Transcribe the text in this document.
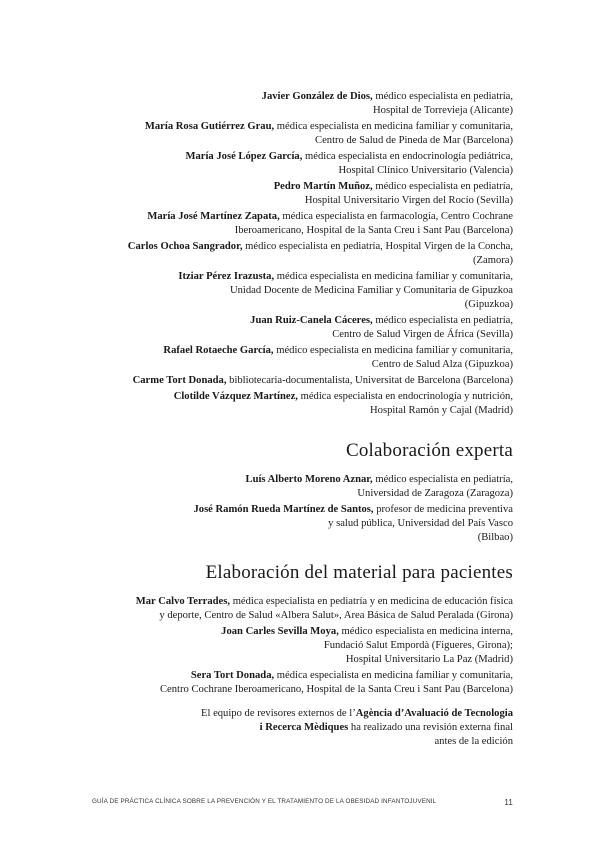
Javier González de Dios, médico especialista en pediatría,
Hospital de Torrevieja (Alicante)
María Rosa Gutiérrez Grau, médica especialista en medicina familiar y comunitaria,
Centro de Salud de Pineda de Mar (Barcelona)
María José López García, médica especialista en endocrinología pediátrica,
Hospital Clínico Universitario (Valencia)
Pedro Martín Muñoz, médico especialista en pediatría,
Hospital Universitario Virgen del Rocío (Sevilla)
María José Martínez Zapata, médica especialista en farmacología, Centro Cochrane
Iberoamericano, Hospital de la Santa Creu i Sant Pau (Barcelona)
Carlos Ochoa Sangrador, médico especialista en pediatría, Hospital Virgen de la Concha,
(Zamora)
Itziar Pérez Irazusta, médica especialista en medicina familiar y comunitaria,
Unidad Docente de Medicina Familiar y Comunitaria de Gipuzkoa
(Gipuzkoa)
Juan Ruiz-Canela Cáceres, médico especialista en pediatría,
Centro de Salud Virgen de África (Sevilla)
Rafael Rotaeche García, médico especialista en medicina familiar y comunitaria,
Centro de Salud Alza (Gipuzkoa)
Carme Tort Donada, bibliotecaria-documentalista, Universitat de Barcelona (Barcelona)
Clotilde Vázquez Martínez, médica especialista en endocrinología y nutrición,
Hospital Ramón y Cajal (Madrid)
Colaboración experta
Luís Alberto Moreno Aznar, médico especialista en pediatría,
Universidad de Zaragoza (Zaragoza)
José Ramón Rueda Martínez de Santos, profesor de medicina preventiva
y salud pública, Universidad del País Vasco
(Bilbao)
Elaboración del material para pacientes
Mar Calvo Terrades, médica especialista en pediatría y en medicina de educación física
y deporte, Centro de Salud «Albera Salut», Area Básica de Salud Peralada (Girona)
Joan Carles Sevilla Moya, médico especialista en medicina interna,
Fundació Salut Empordà (Figueres, Girona);
Hospital Universitario La Paz (Madrid)
Sera Tort Donada, médica especialista en medicina familiar y comunitaria,
Centro Cochrane Iberoamericano, Hospital de la Santa Creu i Sant Pau (Barcelona)
El equipo de revisores externos de l’Agència d’Avaluació de Tecnologia
i Recerca Mèdiques ha realizado una revisión externa final
antes de la edición
GUÍA DE PRÁCTICA CLÍNICA SOBRE LA PREVENCIÓN Y EL TRATAMIENTO DE LA OBESIDAD INFANTOJUVENIL	11
